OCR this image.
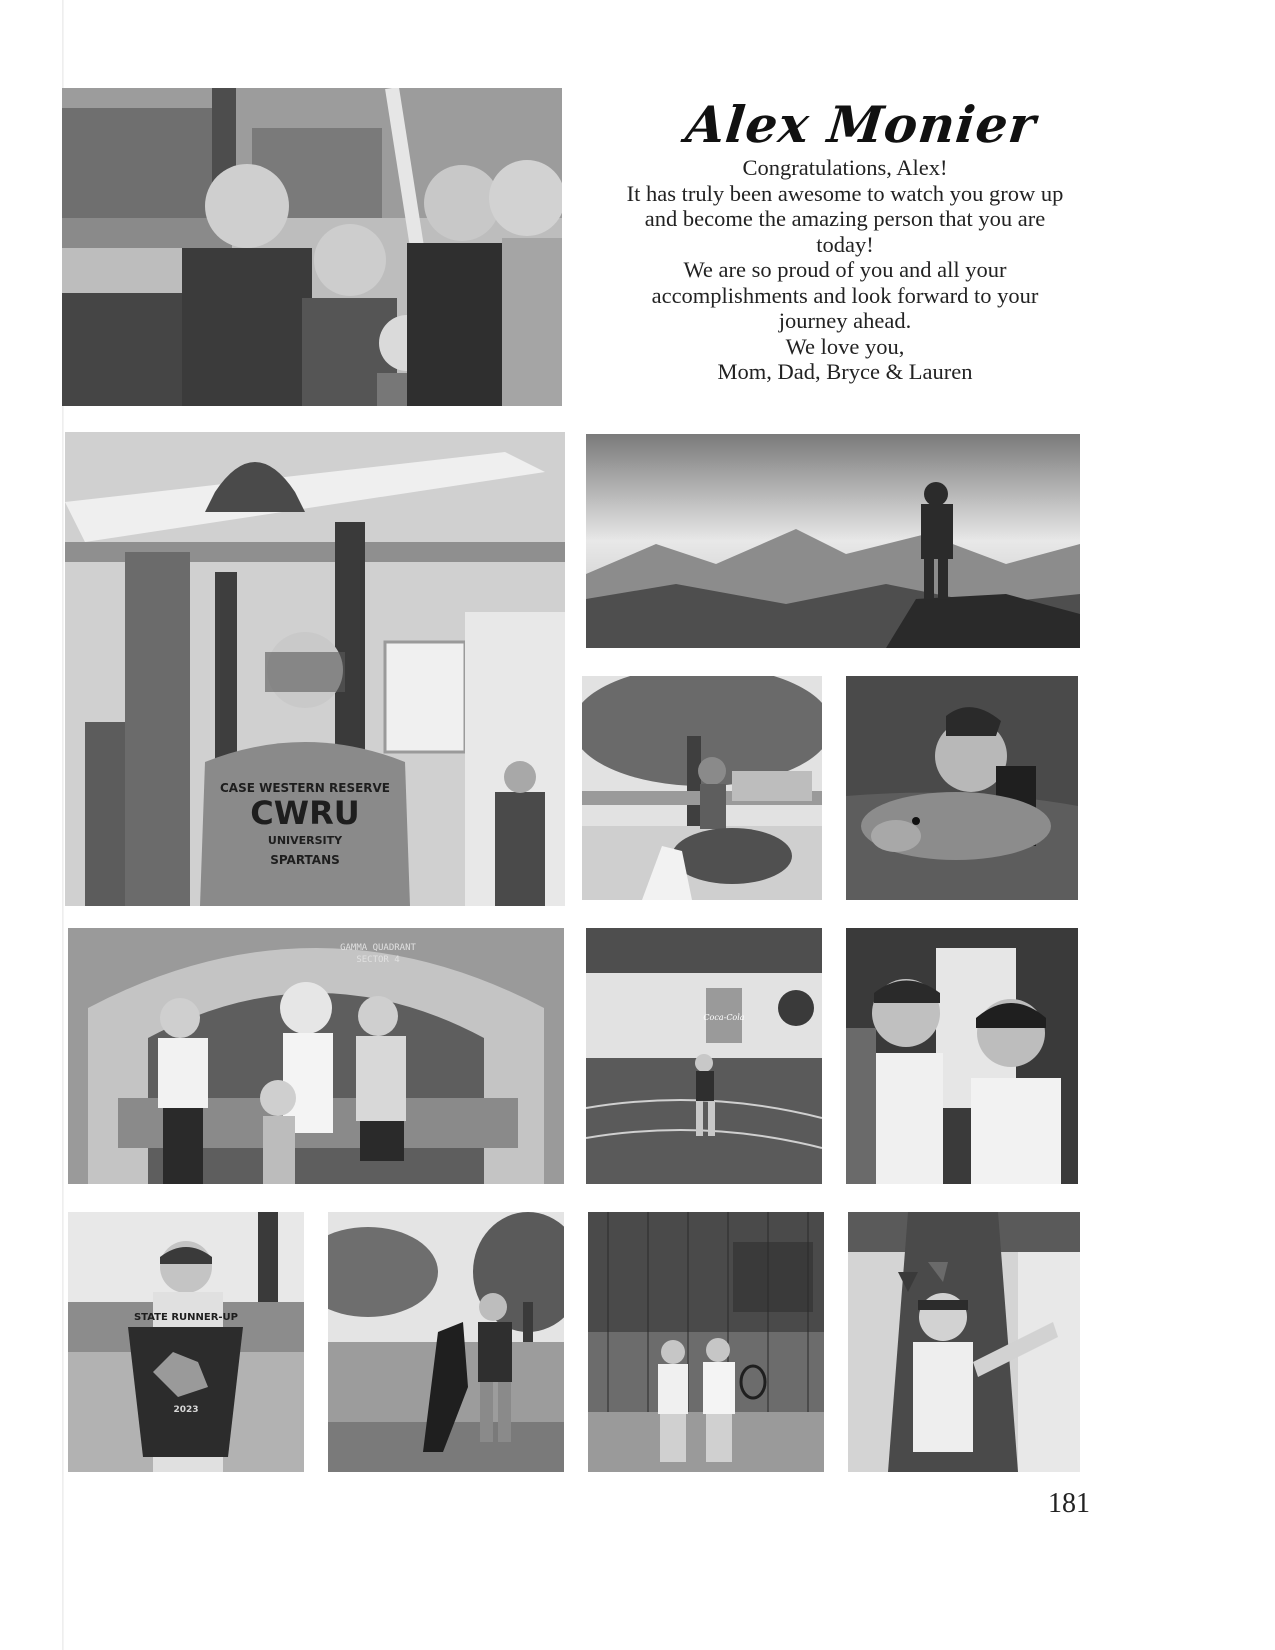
Alex Monier
Congratulations, Alex!
It has truly been awesome to watch you grow up
and become the amazing person that you are
today!
We are so proud of you and all your
accomplishments and look forward to your
journey ahead.
We love you,
Mom, Dad, Bryce & Lauren
CASE WESTERN RESERVE
CWRU
UNIVERSITY
SPARTANS
GAMMA QUADRANT
SECTOR 4
Coca-Cola
STATE RUNNER-UP
2023
181
